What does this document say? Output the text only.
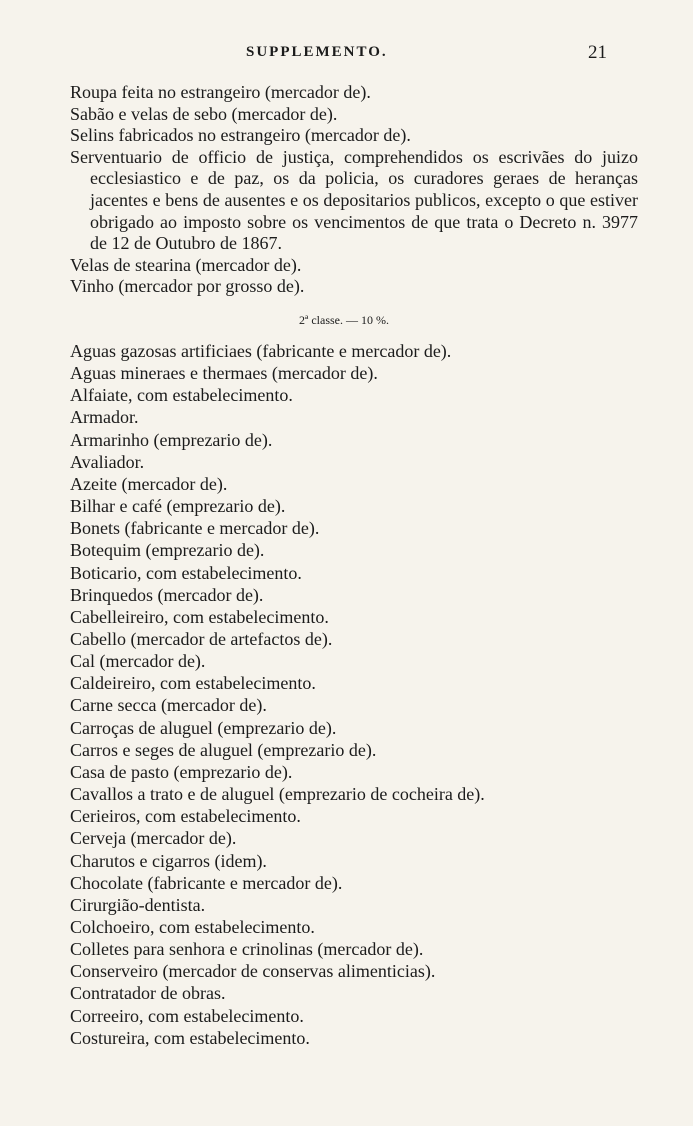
SUPPLEMENTO.	21
Roupa feita no estrangeiro (mercador de).
Sabão e velas de sebo (mercador de).
Selins fabricados no estrangeiro (mercador de).
Serventuario de officio de justiça, comprehendidos os escrivães do juizo ecclesiastico e de paz, os da policia, os curadores geraes de heranças jacentes e bens de ausentes e os depositarios publicos, excepto o que estiver obrigado ao imposto sobre os vencimentos de que trata o Decreto n. 3977 de 12 de Outubro de 1867.
Velas de stearina (mercador de).
Vinho (mercador por grosso de).
2ª classe. — 10 %.
Aguas gazosas artificiaes (fabricante e mercador de).
Aguas mineraes e thermaes (mercador de).
Alfaiate, com estabelecimento.
Armador.
Armarinho (emprezario de).
Avaliador.
Azeite (mercador de).
Bilhar e café (emprezario de).
Bonets (fabricante e mercador de).
Botequim (emprezario de).
Boticario, com estabelecimento.
Brinquedos (mercador de).
Cabelleireiro, com estabelecimento.
Cabello (mercador de artefactos de).
Cal (mercador de).
Caldeireiro, com estabelecimento.
Carne secca (mercador de).
Carroças de aluguel (emprezario de).
Carros e seges de aluguel (emprezario de).
Casa de pasto (emprezario de).
Cavallos a trato e de aluguel (emprezario de cocheira de).
Cerieiros, com estabelecimento.
Cerveja (mercador de).
Charutos e cigarros (idem).
Chocolate (fabricante e mercador de).
Cirurgião-dentista.
Colchoeiro, com estabelecimento.
Colletes para senhora e crinolinas (mercador de).
Conserveiro (mercador de conservas alimenticias).
Contratador de obras.
Correeiro, com estabelecimento.
Costureira, com estabelecimento.
